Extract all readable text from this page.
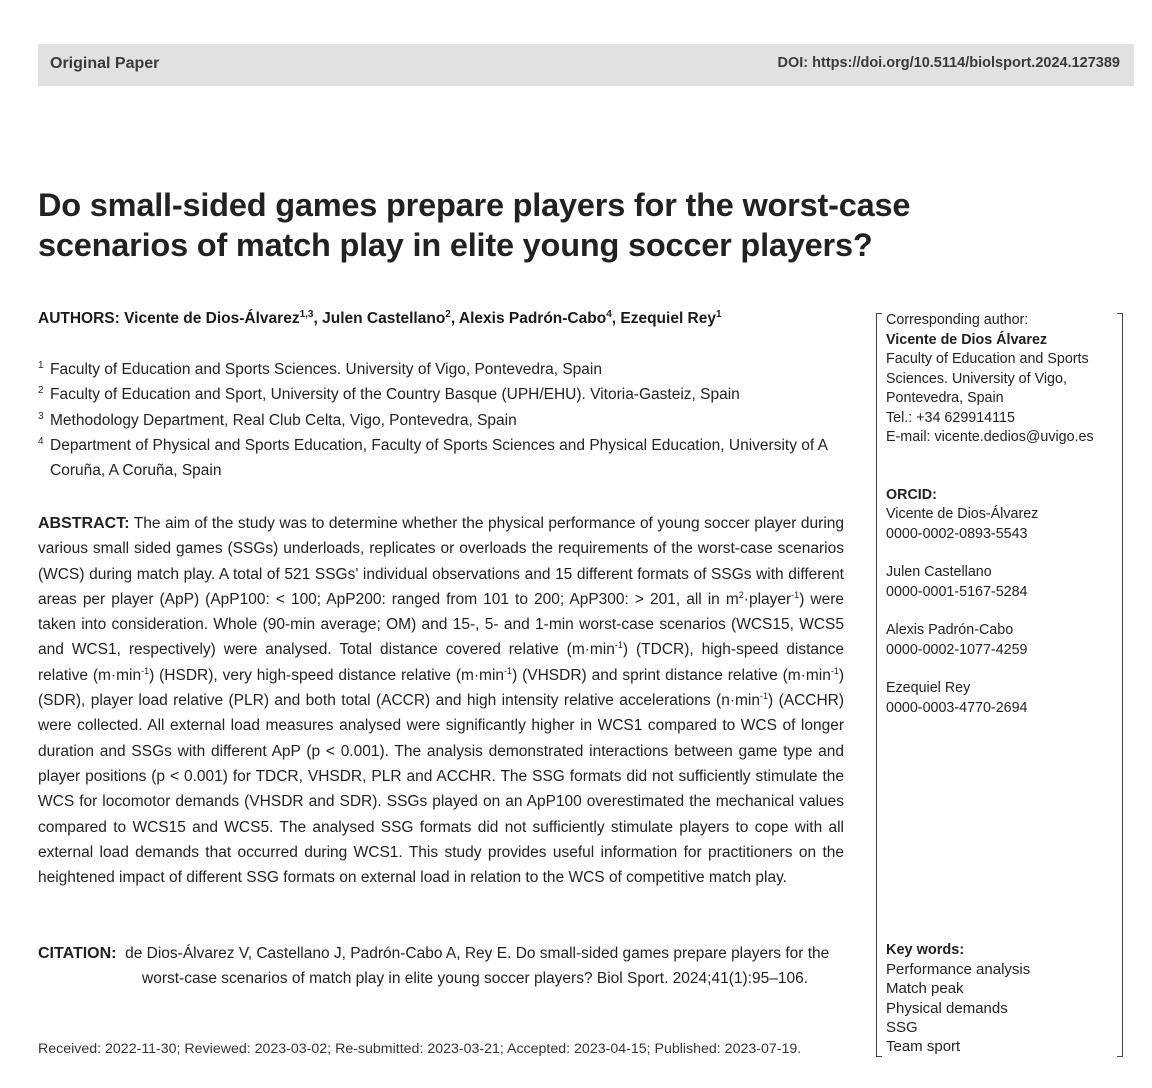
Original Paper	DOI: https://doi.org/10.5114/biolsport.2024.127389
Do small-sided games prepare players for the worst-case scenarios of match play in elite young soccer players?
AUTHORS: Vicente de Dios-Álvarez$^{1,3}$, Julen Castellano$^2$, Alexis Padrón-Cabo$^4$, Ezequiel Rey$^1$
1 Faculty of Education and Sports Sciences. University of Vigo, Pontevedra, Spain
2 Faculty of Education and Sport, University of the Country Basque (UPH/EHU). Vitoria-Gasteiz, Spain
3 Methodology Department, Real Club Celta, Vigo, Pontevedra, Spain
4 Department of Physical and Sports Education, Faculty of Sports Sciences and Physical Education, University of A Coruña, A Coruña, Spain
ABSTRACT: The aim of the study was to determine whether the physical performance of young soccer player during various small sided games (SSGs) underloads, replicates or overloads the requirements of the worst-case scenarios (WCS) during match play. A total of 521 SSGs' individual observations and 15 different formats of SSGs with different areas per player (ApP) (ApP100: < 100; ApP200: ranged from 101 to 200; ApP300: > 201, all in $m^2\cdot player^{-1}$) were taken into consideration. Whole (90-min average; OM) and 15-, 5- and 1-min worst-case scenarios (WCS15, WCS5 and WCS1, respectively) were analysed. Total distance covered relative $(m\cdot\min^{-1})$ (TDCR), high-speed distance relative $(m\cdot\min^{-1})$ (HSDR), very high-speed distance relative $(m\cdot\min^{-1})$ (VHSDR) and sprint distance relative $(m\cdot\min^{-1})$ (SDR), player load relative (PLR) and both total (ACCR) and high intensity relative accelerations $(n\cdot\min^{-1})$ (ACCHR) were collected. All external load measures analysed were significantly higher in WCS1 compared to WCS of longer duration and SSGs with different ApP (p < 0.001). The analysis demonstrated interactions between game type and player positions (p < 0.001) for TDCR, VHSDR, PLR and ACCHR. The SSG formats did not sufficiently stimulate the WCS for locomotor demands (VHSDR and SDR). SSGs played on an ApP100 overestimated the mechanical values compared to WCS15 and WCS5. The analysed SSG formats did not sufficiently stimulate players to cope with all external load demands that occurred during WCS1. This study provides useful information for practitioners on the heightened impact of different SSG formats on external load in relation to the WCS of competitive match play.
CITATION: de Dios-Álvarez V, Castellano J, Padrón-Cabo A, Rey E. Do small-sided games prepare players for the worst-case scenarios of match play in elite young soccer players? Biol Sport. 2024;41(1):95–106.
Received: 2022-11-30; Reviewed: 2023-03-02; Re-submitted: 2023-03-21; Accepted: 2023-04-15; Published: 2023-07-19.
Corresponding author:
Vicente de Dios Álvarez
Faculty of Education and Sports
Sciences. University of Vigo,
Pontevedra, Spain
Tel.: +34 629914115
E-mail: vicente.dedios@uvigo.es
ORCID:
Vicente de Dios-Álvarez
0000-0002-0893-5543
Julen Castellano
0000-0001-5167-5284
Alexis Padrón-Cabo
0000-0002-1077-4259
Ezequiel Rey
0000-0003-4770-2694
Key words:
Performance analysis
Match peak
Physical demands
SSG
Team sport
